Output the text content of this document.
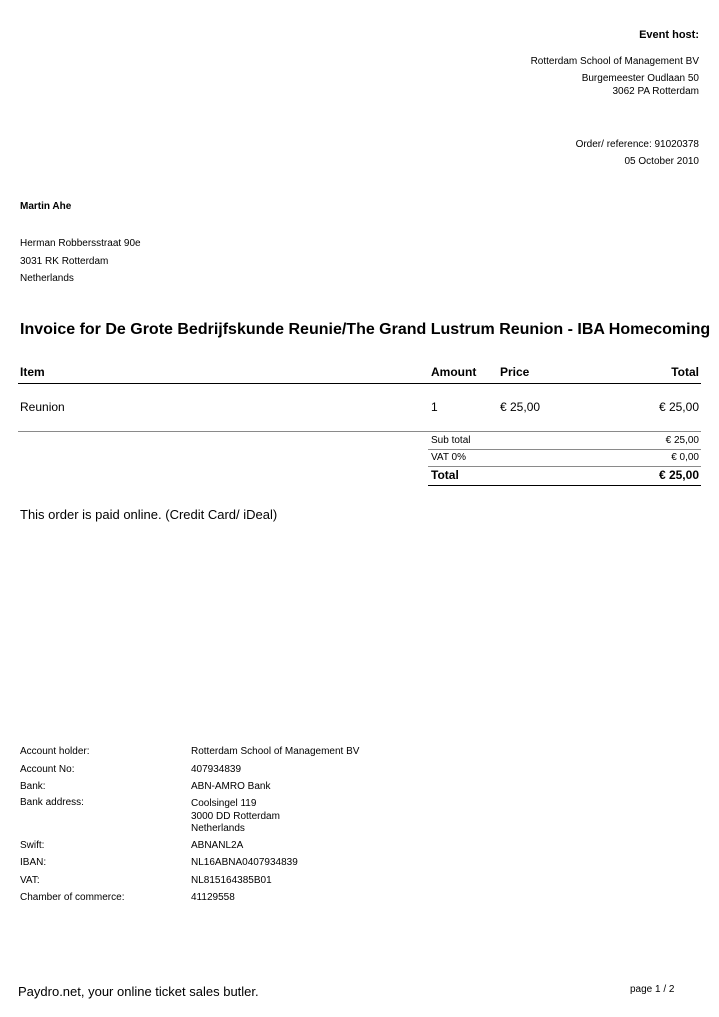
Event host:
Rotterdam School of Management BV
Burgemeester Oudlaan 50
3062 PA Rotterdam
Order/ reference: 91020378
05 October 2010
Martin Ahe
Herman Robbersstraat 90e
3031 RK Rotterdam
Netherlands
Invoice for De Grote Bedrijfskunde Reunie/The Grand Lustrum Reunion - IBA Homecoming
Item	Amount Price	Total
Reunion	1	€ 25,00	€ 25,00
Sub total	€ 25,00
VAT 0%	€ 0,00
Total	€ 25,00
This order is paid online. (Credit Card/ iDeal)
Account holder:	Rotterdam School of Management BV
Account No:	407934839
Bank:	ABN-AMRO Bank
Bank address:	Coolsingel 119
3000 DD Rotterdam
Netherlands
Swift:	ABNANL2A
IBAN:	NL16ABNA0407934839
VAT:	NL815164385B01
Chamber of commerce:	41129558
Paydro.net, your online ticket sales butler.	page 1 / 2
